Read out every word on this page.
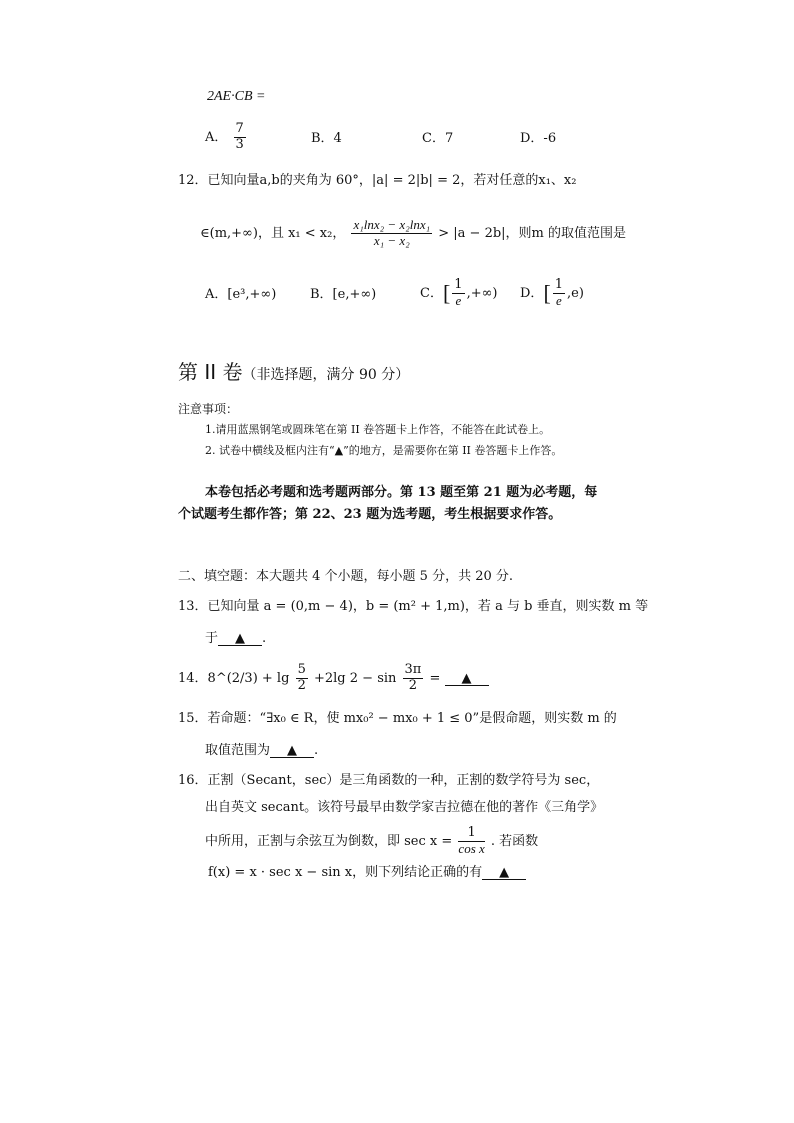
2AE·CB =
A． $\frac{7}{3}$	B．4	C．7	D．-6
12．已知向量a,b的夹角为 60°，|a| = 2|b| = 2，若对任意的x₁、x₂
∈(m,+∞)，且 x₁ < x₂， $\frac{\text{x₁lnx₂ − x₂lnx₁}}{\text{x₁ − x₂}} > |a - 2b|$，则m 的取值范围是
A．[e³,+∞)	B．[e,+∞)	C．[ $\frac{1}{e}$ ,+∞) D．[ $\frac{1}{e} ,e$)
第 II 卷（非选择题，满分 90 分）
注意事项：
1.请用蓝黑钢笔或圆珠笔在第 II 卷答题卡上作答，不能答在此试卷上。
2. 试卷中横线及框内注有“▲”的地方，是需要你在第 II 卷答题卡上作答。
本卷包括必考题和选考题两部分。第 13 题至第 21 题为必考题，每
个试题考生都作答；第 22、23 题为选考题，考生根据要求作答。
二、填空题：本大题共 4 个小题，每小题 5 分，共 20 分.
13．已知向量 a = (0,m − 4)，b = (m² + 1,m)，若 a 与 b 垂直，则实数 m 等
于 ▲ .
14．8^(2/3) + $\lg \frac{5}{2} +2\lg$ $2 - \sin \frac{3\pi}{2}$ = ▲
15．若命题：“∃x₀ ∈ R，使 mx₀² − mx₀ + 1 ≤ 0”是假命题，则实数 m 的
取值范围为 ▲ .
16．正割（Secant，sec）是三角函数的一种，正割的数学符号为 sec，
出自英文 secant。该符号最早由数学家吉拉德在他的著作《三角学》
中所用，正割与余弦互为倒数，即 $\sec x = \frac{1}{\text{cos x}}$ . 若函数
f(x) = x · sec x − sin x，则下列结论正确的有 ▲
